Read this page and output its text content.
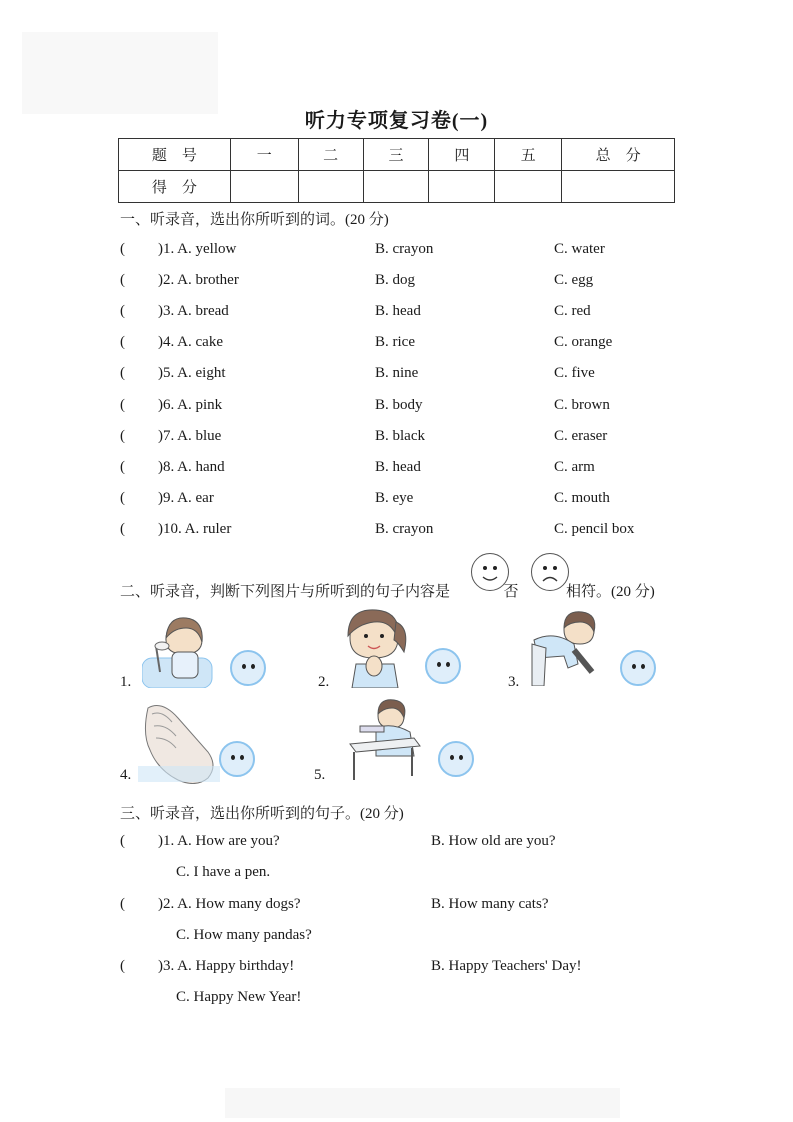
听力专项复习卷(一)
题　号	一	二	三	四	五	总　分
得　分						
一、听录音，选出你所听到的词。(20 分)
( )1. A. yellow	B. crayon	C. water
( )2. A. brother	B. dog	C. egg
( )3. A. bread	B. head	C. red
( )4. A. cake	B. rice	C. orange
( )5. A. eight	B. nine	C. five
( )6. A. pink	B. body	C. brown
( )7. A. blue	B. black	C. eraser
( )8. A. hand	B. head	C. arm
( )9. A. ear	B. eye	C. mouth
( )10. A. ruler	B. crayon	C. pencil box
二、听录音，判断下列图片与所听到的句子内容是	否	相符。(20 分)
1.	2.	3.
4.	5.
三、听录音，选出你所听到的句子。(20 分)
( )1. A. How are you?	B. How old are you?
C. I have a pen.
( )2. A. How many dogs?	B. How many cats?
C. How many pandas?
( )3. A. Happy birthday!	B. Happy Teachers' Day!
C. Happy New Year!
